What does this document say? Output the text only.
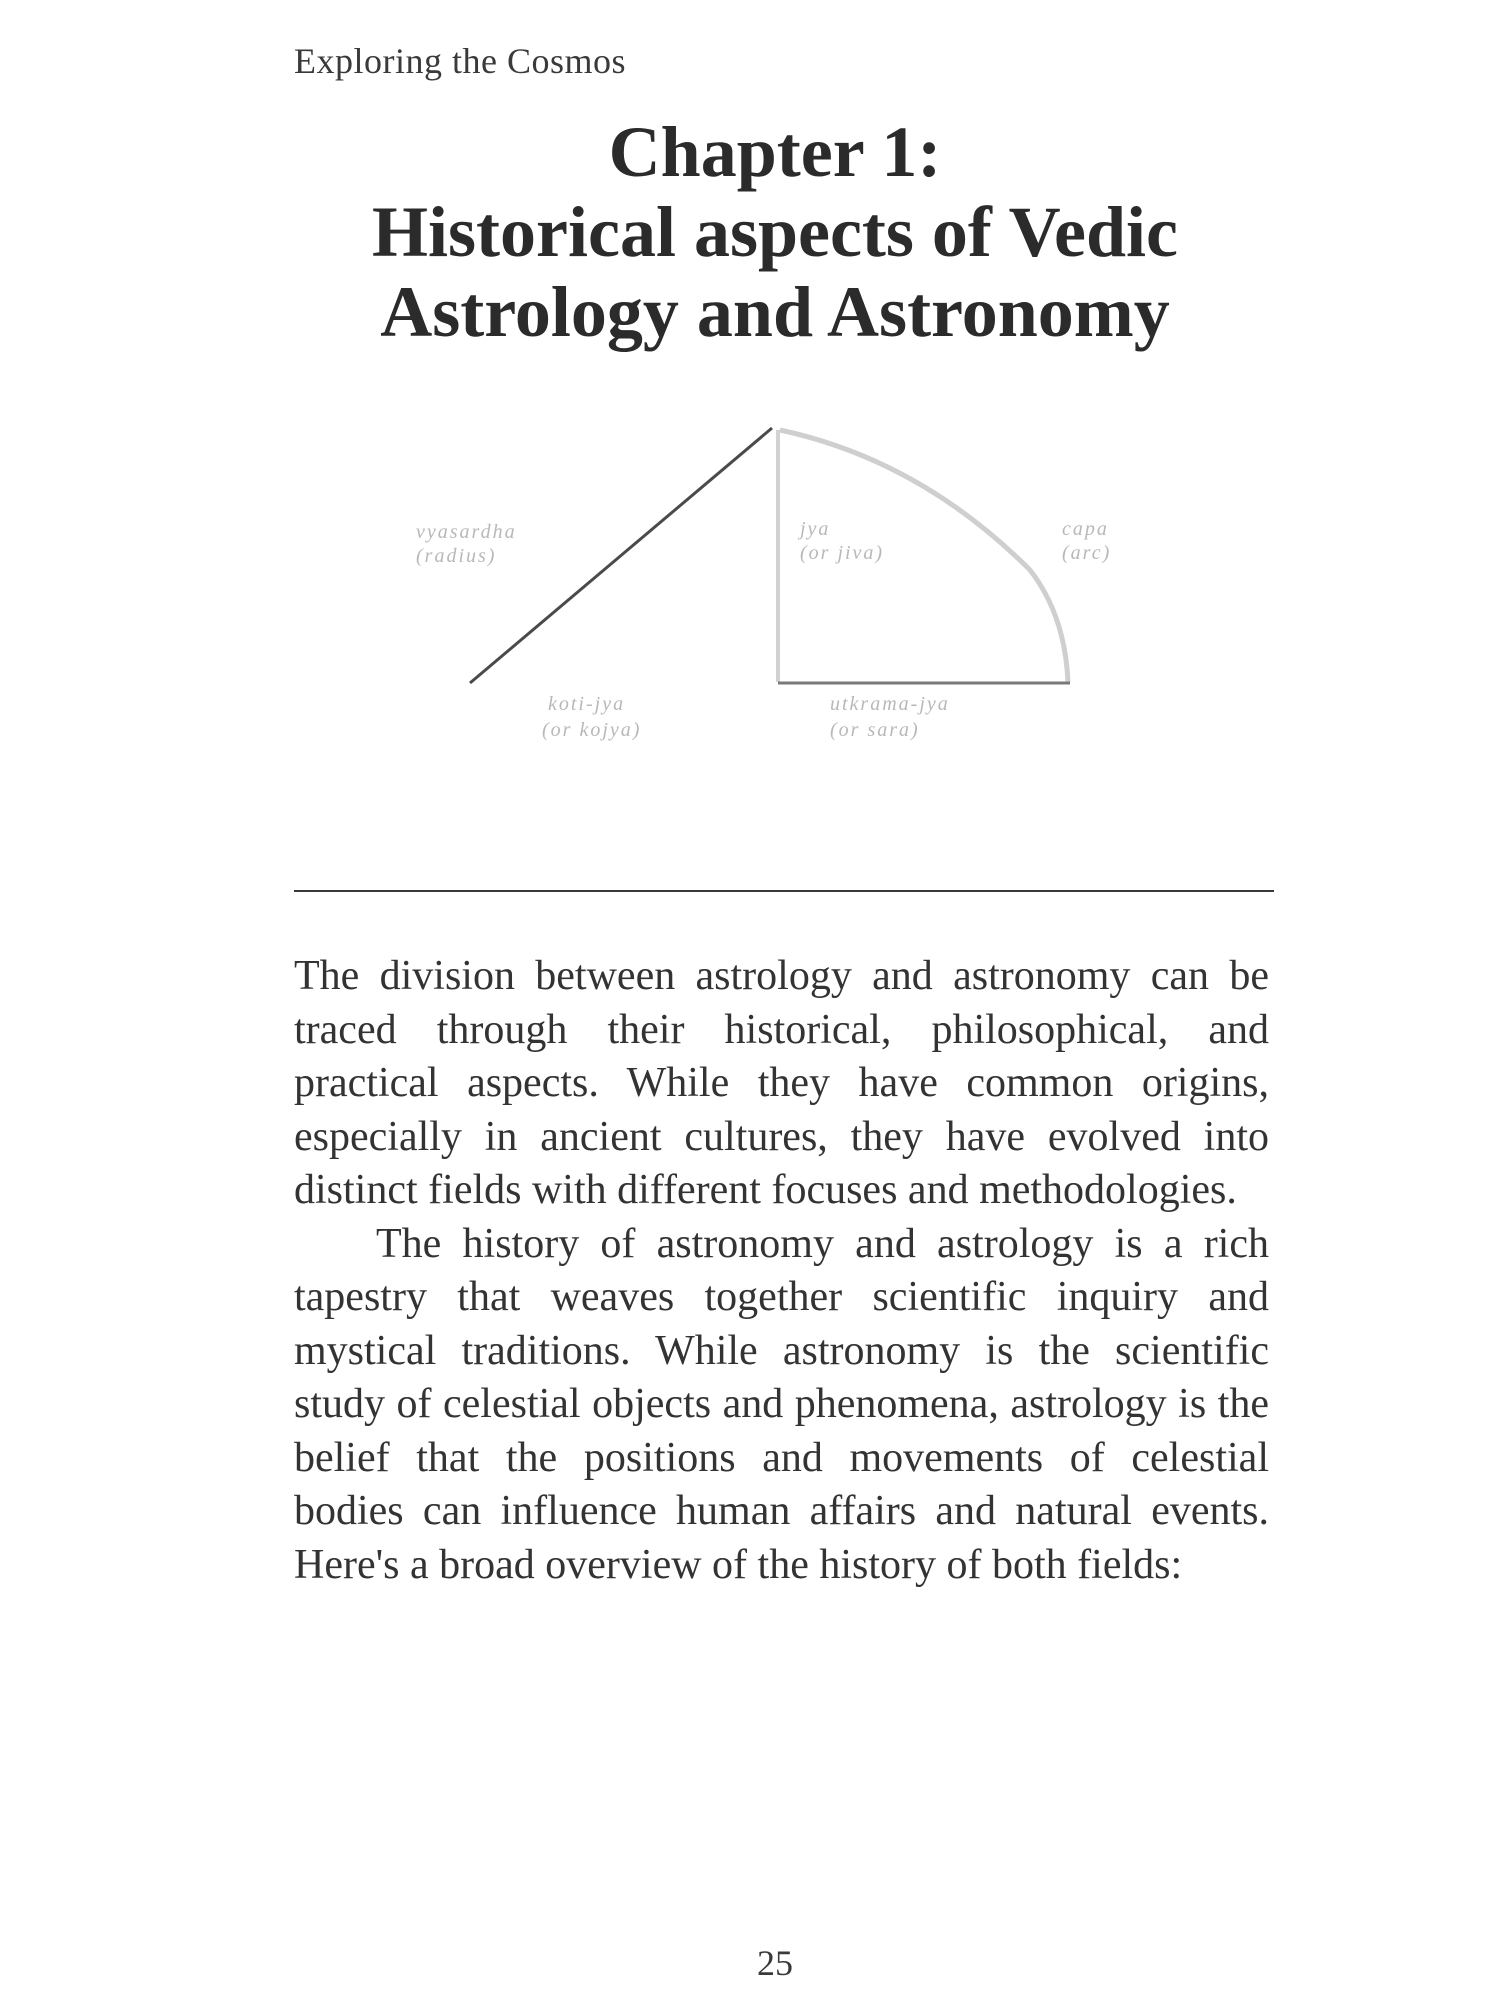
Exploring the Cosmos
Chapter 1:
Historical aspects of Vedic
Astrology and Astronomy
vyasardha
(radius)
jya
(or jiva)
capa
(arc)
koti-jya
(or kojya)
utkrama-jya
(or sara)

The division between astrology and astronomy can be traced through their historical, philosophical, and practical aspects. While they have common origins, especially in ancient cultures, they have evolved into distinct fields with different focuses and methodologies.

The history of astronomy and astrology is a rich tapestry that weaves together scientific inquiry and mystical traditions. While astronomy is the scientific study of celestial objects and phenomena, astrology is the belief that the positions and movements of celestial bodies can influence human affairs and natural events. Here's a broad overview of the history of both fields:

25
